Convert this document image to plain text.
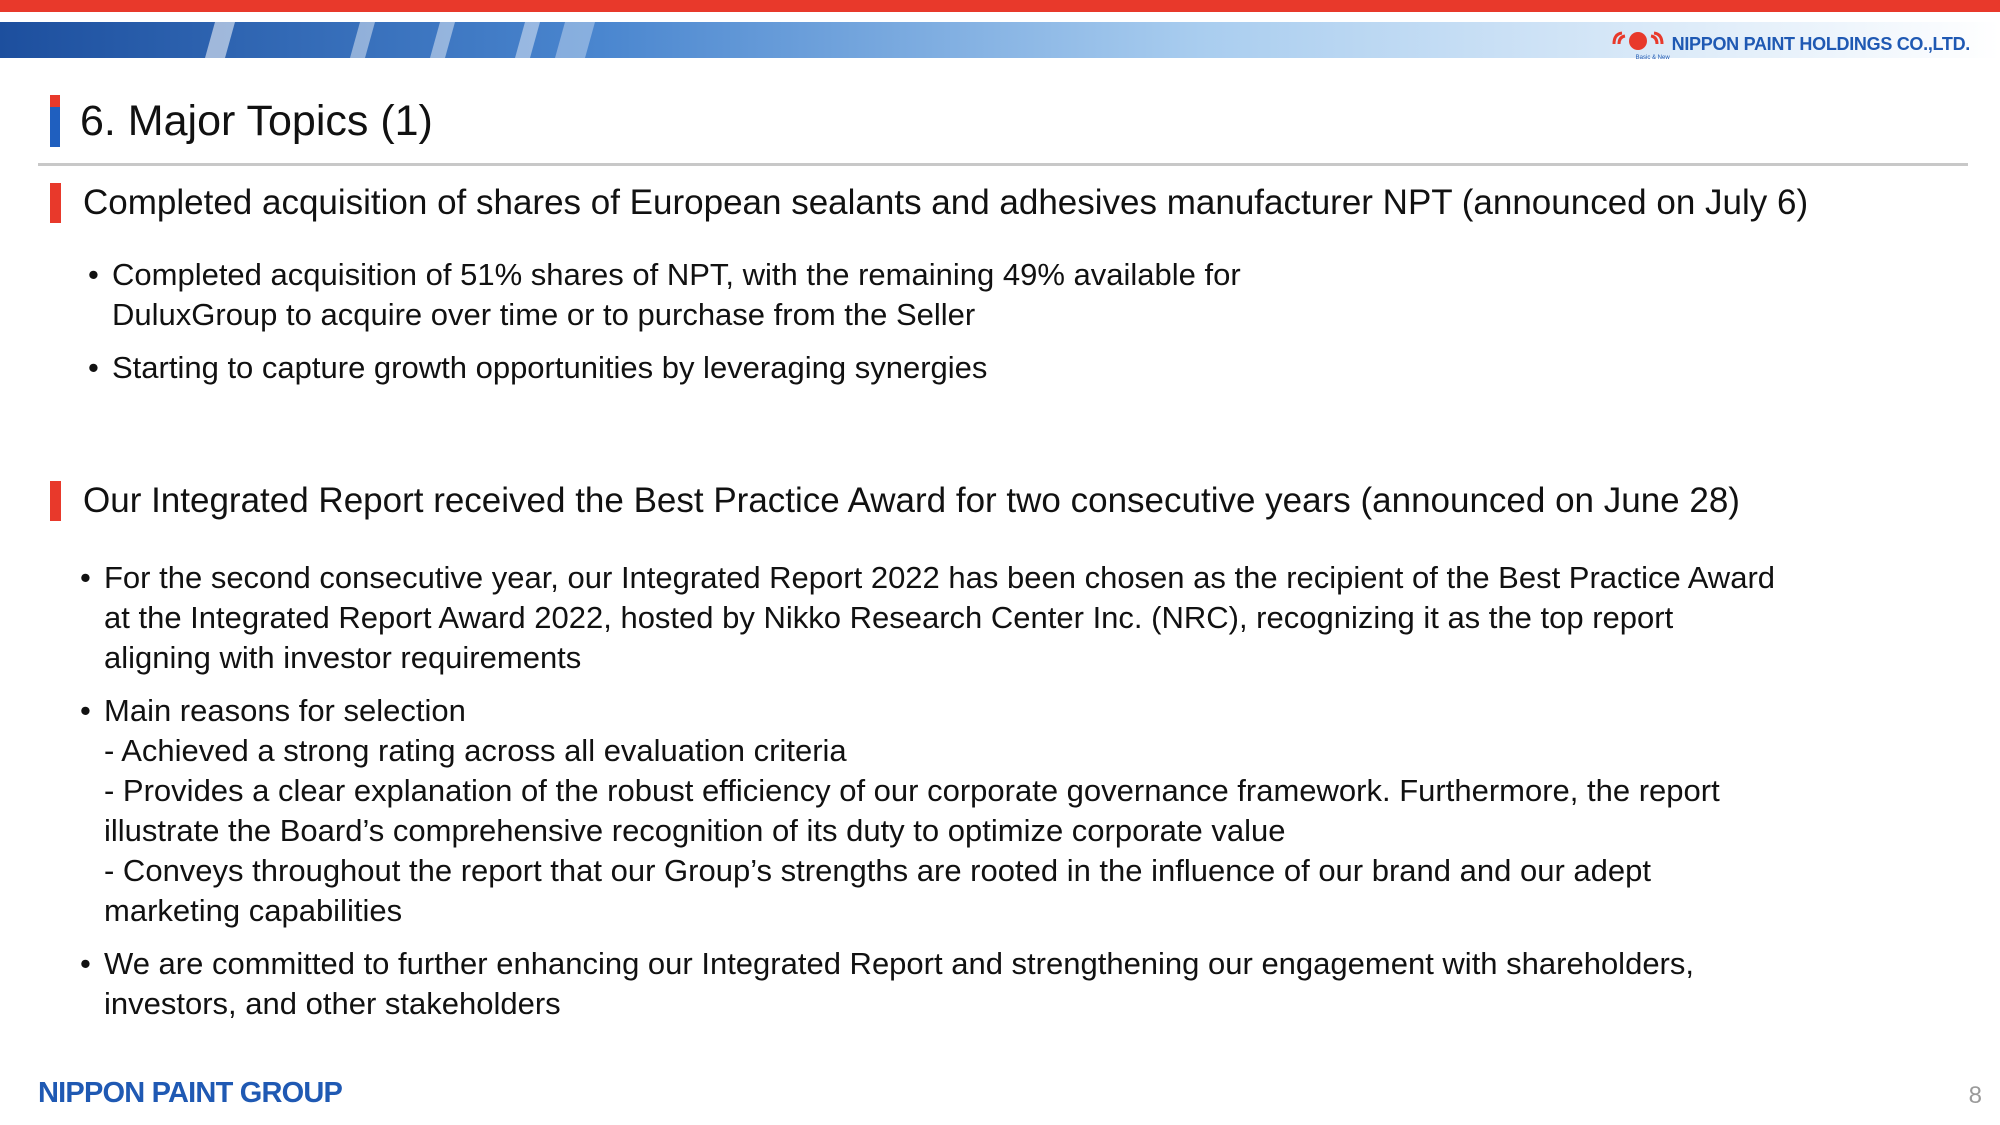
Basic & New
NIPPON PAINT HOLDINGS CO.,LTD.
6. Major Topics (1)
Completed acquisition of shares of European sealants and adhesives manufacturer NPT (announced on July 6)
• Completed acquisition of 51% shares of NPT, with the remaining 49% available for
DuluxGroup to acquire over time or to purchase from the Seller
• Starting to capture growth opportunities by leveraging synergies
Our Integrated Report received the Best Practice Award for two consecutive years (announced on June 28)
• For the second consecutive year, our Integrated Report 2022 has been chosen as the recipient of the Best Practice Award
at the Integrated Report Award 2022, hosted by Nikko Research Center Inc. (NRC), recognizing it as the top report
aligning with investor requirements
• Main reasons for selection
- Achieved a strong rating across all evaluation criteria
- Provides a clear explanation of the robust efficiency of our corporate governance framework. Furthermore, the report
illustrate the Board’s comprehensive recognition of its duty to optimize corporate value
- Conveys throughout the report that our Group’s strengths are rooted in the influence of our brand and our adept
marketing capabilities
• We are committed to further enhancing our Integrated Report and strengthening our engagement with shareholders,
investors, and other stakeholders
NIPPON PAINT GROUP	8
